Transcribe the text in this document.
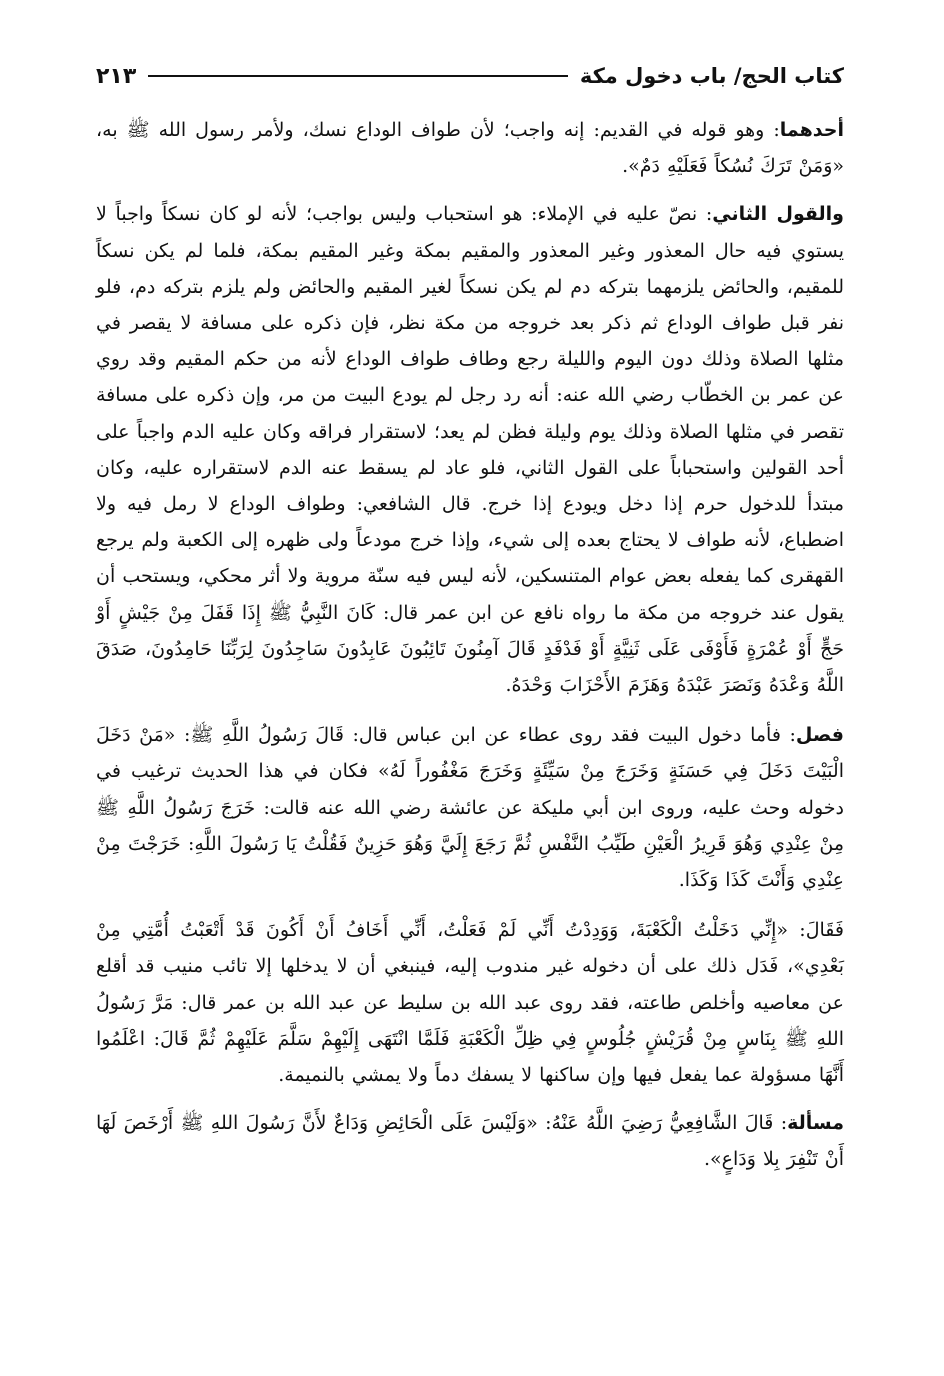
كتاب الحج/ باب دخول مكة
٢١٣

أحدهما: وهو قوله في القديم: إنه واجب؛ لأن طواف الوداع نسك، ولأمر رسول الله ﷺ به، «وَمَنْ تَرَكَ نُسُكاً فَعَلَيْهِ دَمٌ».

والقول الثاني: نصّ عليه في الإملاء: هو استحباب وليس بواجب؛ لأنه لو كان نسكاً واجباً لا يستوي فيه حال المعذور وغير المعذور والمقيم بمكة وغير المقيم بمكة، فلما لم يكن نسكاً للمقيم، والحائض يلزمهما بتركه دم لم يكن نسكاً لغير المقيم والحائض ولم يلزم بتركه دم، فلو نفر قبل طواف الوداع ثم ذكر بعد خروجه من مكة نظر، فإن ذكره على مسافة لا يقصر في مثلها الصلاة وذلك دون اليوم والليلة رجع وطاف طواف الوداع لأنه من حكم المقيم وقد روي عن عمر بن الخطّاب رضي الله عنه: أنه رد رجل لم يودع البيت من مر، وإن ذكره على مسافة تقصر في مثلها الصلاة وذلك يوم وليلة فظن لم يعد؛ لاستقرار فراقه وكان عليه الدم واجباً على أحد القولين واستحباباً على القول الثاني، فلو عاد لم يسقط عنه الدم لاستقراره عليه، وكان مبتدأ للدخول حرم إذا دخل ويودع إذا خرج. قال الشافعي: وطواف الوداع لا رمل فيه ولا اضطباع، لأنه طواف لا يحتاج بعده إلى شيء، وإذا خرج مودعاً ولى ظهره إلى الكعبة ولم يرجع القهقرى كما يفعله بعض عوام المتنسكين، لأنه ليس فيه سنّة مروية ولا أثر محكي، ويستحب أن يقول عند خروجه من مكة ما رواه نافع عن ابن عمر قال: كَانَ النَّبِيُّ ﷺ إِذَا قَفَلَ مِنْ جَيْشٍ أَوْ حَجٍّ أَوْ عُمْرَةٍ فَأَوْفَى عَلَى ثَنِيَّةٍ أَوْ فَدْفَدٍ قَالَ آمِنُونَ تَائِبُونَ عَابِدُونَ سَاجِدُونَ لِرَبِّنَا حَامِدُونَ، صَدَقَ اللَّهُ وَعْدَهُ وَنَصَرَ عَبْدَهُ وَهَزَمَ الأَحْزَابَ وَحْدَهُ.

فصل: فأما دخول البيت فقد روى عطاء عن ابن عباس قال: قَالَ رَسُولُ اللَّهِ ﷺ: «مَنْ دَخَلَ الْبَيْتَ دَخَلَ فِي حَسَنَةٍ وَخَرَجَ مِنْ سَيِّئَةٍ وَخَرَجَ مَغْفُوراً لَهُ» فكان في هذا الحديث ترغيب في دخوله وحث عليه، وروى ابن أبي مليكة عن عائشة رضي الله عنه قالت: خَرَجَ رَسُولُ اللَّهِ ﷺ مِنْ عِنْدِي وَهُوَ قَرِيرُ الْعَيْنِ طَيِّبُ النَّفْسِ ثُمَّ رَجَعَ إِلَيَّ وَهُوَ حَزِينٌ فَقُلْتُ يَا رَسُولَ اللَّهِ: خَرَجْتَ مِنْ عِنْدِي وَأَنْتَ كَذَا وَكَذَا.

فَقَالَ: «إِنِّي دَخَلْتُ الْكَعْبَةَ، وَوَدِدْتُ أَنِّي لَمْ فَعَلْتُ، أَنِّي أَخَافُ أَنْ أَكُونَ قَدْ أَتْعَبْتُ أُمَّتِي مِنْ بَعْدِي»، فَدَل ذلك على أن دخوله غير مندوب إليه، فينبغي أن لا يدخلها إلا تائب منيب قد أقلع عن معاصيه وأخلص طاعته، فقد روى عبد الله بن سليط عن عبد الله بن عمر قال: مَرَّ رَسُولُ اللهِ ﷺ بِنَاسٍ مِنْ قُرَيْشٍ جُلُوسٍ فِي ظِلِّ الْكَعْبَةِ فَلَمَّا انْتَهَى إِلَيْهِمْ سَلَّمَ عَلَيْهِمْ ثُمَّ قَالَ: اعْلَمُوا أَنَّهَا مسؤولة عما يفعل فيها وإن ساكنها لا يسفك دماً ولا يمشي بالنميمة.

مسألة: قَالَ الشَّافِعِيُّ رَضِيَ اللَّهُ عَنْهُ: «وَلَيْسَ عَلَى الْحَائِضِ وَدَاعٌ لأَنَّ رَسُولَ اللهِ ﷺ أَرْخَصَ لَهَا أَنْ تَنْفِرَ بِلا وَدَاعٍ».
